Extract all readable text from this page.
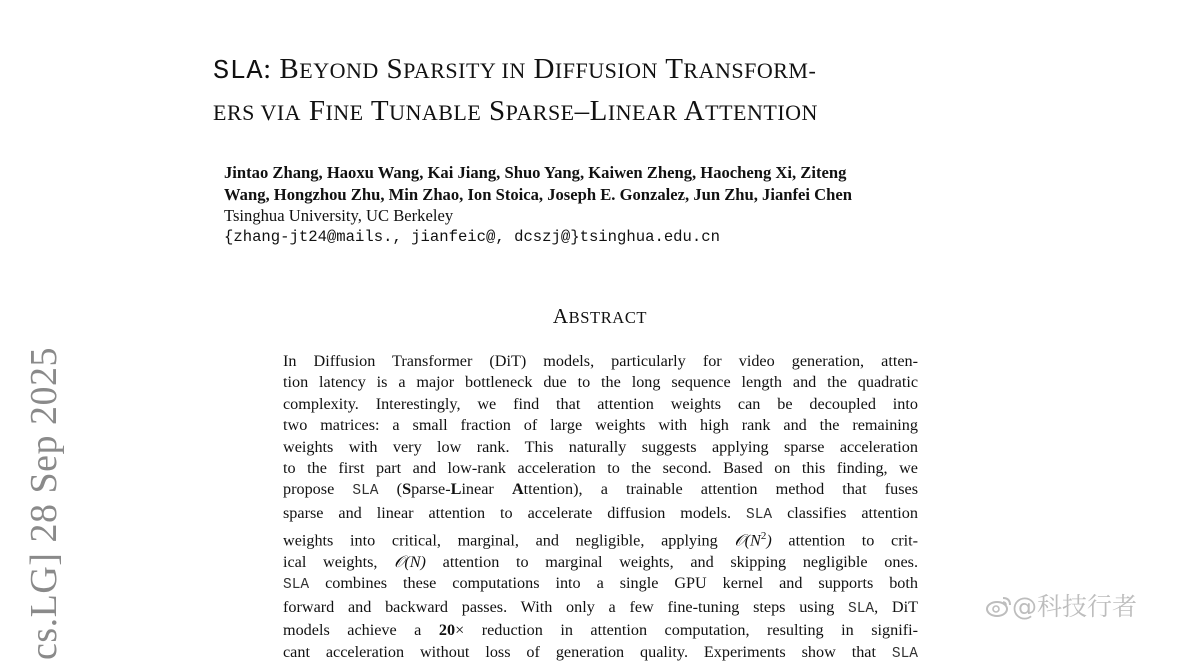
SLA: BEYOND SPARSITY IN DIFFUSION TRANSFORM-
ERS VIA FINE TUNABLE SPARSE–LINEAR ATTENTION
Jintao Zhang, Haoxu Wang, Kai Jiang, Shuo Yang, Kaiwen Zheng, Haocheng Xi, Ziteng
Wang, Hongzhou Zhu, Min Zhao, Ion Stoica, Joseph E. Gonzalez, Jun Zhu, Jianfei Chen
Tsinghua University, UC Berkeley
{zhang-jt24@mails., jianfeic@, dcszj@}tsinghua.edu.cn
ABSTRACT
In Diffusion Transformer (DiT) models, particularly for video generation, atten-
tion latency is a major bottleneck due to the long sequence length and the quadratic
complexity. Interestingly, we find that attention weights can be decoupled into
two matrices: a small fraction of large weights with high rank and the remaining
weights with very low rank. This naturally suggests applying sparse acceleration
to the first part and low-rank acceleration to the second. Based on this finding, we
propose SLA (Sparse-Linear Attention), a trainable attention method that fuses
sparse and linear attention to accelerate diffusion models. SLA classifies attention
weights into critical, marginal, and negligible, applying $𝒪(N^2)$ attention to crit-
ical weights, 𝒪(N) attention to marginal weights, and skipping negligible ones.
SLA combines these computations into a single GPU kernel and supports both
forward and backward passes. With only a few fine-tuning steps using SLA, DiT
models achieve a 20× reduction in attention computation, resulting in signifi-
cant acceleration without loss of generation quality. Experiments show that SLA
cs.LG] 28 Sep 2025	@科技行者
